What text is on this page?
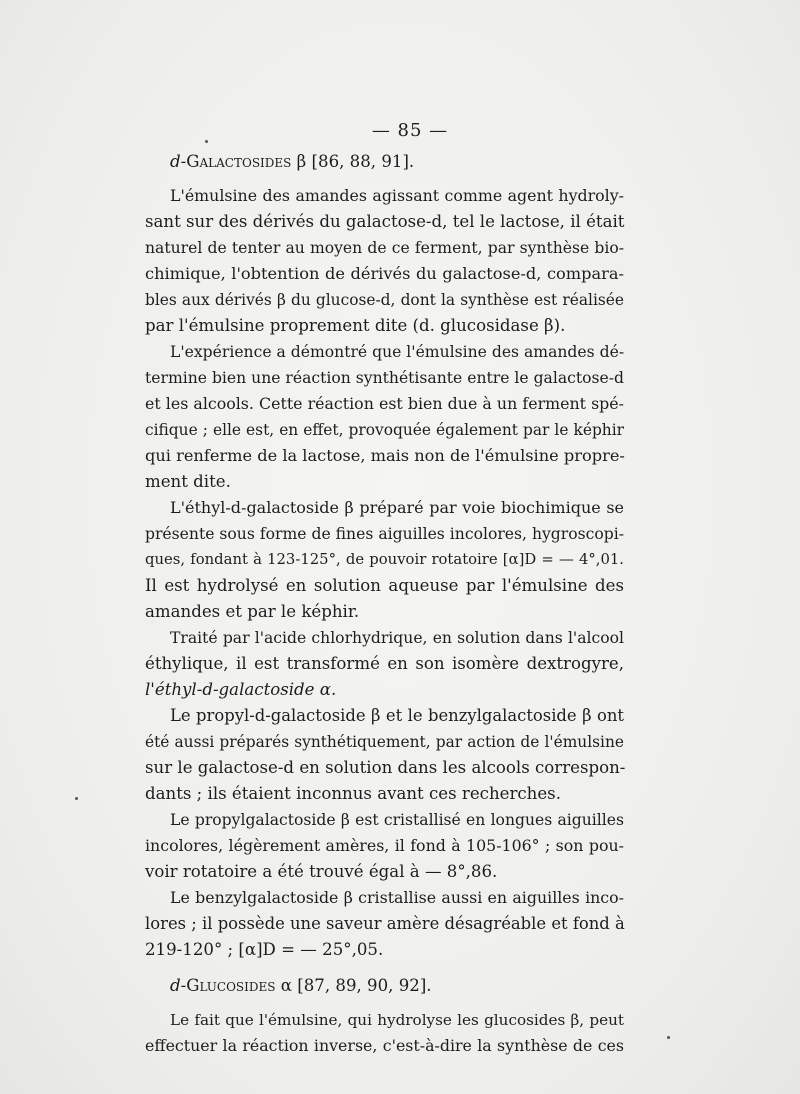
— 85 —
d-Galactosides β [86, 88, 91].
L'émulsine des amandes agissant comme agent hydroly-
sant sur des dérivés du galactose-d, tel le lactose, il était
naturel de tenter au moyen de ce ferment, par synthèse bio-
chimique, l'obtention de dérivés du galactose-d, compara-
bles aux dérivés β du glucose-d, dont la synthèse est réalisée
par l'émulsine proprement dite (d. glucosidase β).
L'expérience a démontré que l'émulsine des amandes dé-
termine bien une réaction synthétisante entre le galactose-d
et les alcools. Cette réaction est bien due à un ferment spé-
cifique ; elle est, en effet, provoquée également par le képhir
qui renferme de la lactose, mais non de l'émulsine propre-
ment dite.
L'éthyl-d-galactoside β préparé par voie biochimique se
présente sous forme de fines aiguilles incolores, hygroscopi-
ques, fondant à 123-125°, de pouvoir rotatoire [α]D = — 4°,01.
Il est hydrolysé en solution aqueuse par l'émulsine des
amandes et par le képhir.
Traité par l'acide chlorhydrique, en solution dans l'alcool
éthylique, il est transformé en son isomère dextrogyre,
l'éthyl-d-galactoside α.
Le propyl-d-galactoside β et le benzylgalactoside β ont
été aussi préparés synthétiquement, par action de l'émulsine
sur le galactose-d en solution dans les alcools correspon-
dants ; ils étaient inconnus avant ces recherches.
Le propylgalactoside β est cristallisé en longues aiguilles
incolores, légèrement amères, il fond à 105-106° ; son pou-
voir rotatoire a été trouvé égal à — 8°,86.
Le benzylgalactoside β cristallise aussi en aiguilles inco-
lores ; il possède une saveur amère désagréable et fond à
219-120° ; [α]D = — 25°,05.
d-Glucosides α [87, 89, 90, 92].
Le fait que l'émulsine, qui hydrolyse les glucosides β, peut
effectuer la réaction inverse, c'est-à-dire la synthèse de ces
